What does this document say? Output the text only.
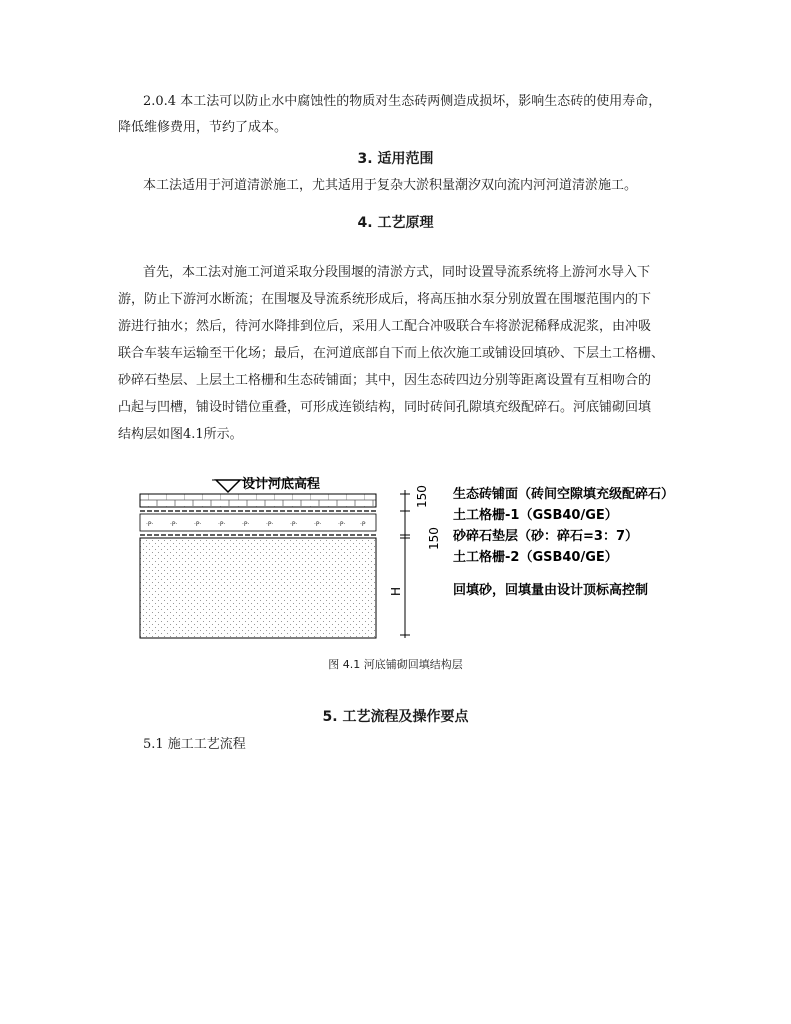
2.0.4 本工法可以防止水中腐蚀性的物质对生态砖两侧造成损坏，影响生态砖的使用寿命，
降低维修费用，节约了成本。
3. 适用范围
本工法适用于河道清淤施工，尤其适用于复杂大淤积量潮汐双向流内河河道清淤施工。
4. 工艺原理
首先，本工法对施工河道采取分段围堰的清淤方式，同时设置导流系统将上游河水导入下
游，防止下游河水断流；在围堰及导流系统形成后，将高压抽水泵分别放置在围堰范围内的下
游进行抽水；然后，待河水降排到位后，采用人工配合冲吸联合车将淤泥稀释成泥浆，由冲吸
联合车装车运输至干化场；最后，在河道底部自下而上依次施工或铺设回填砂、下层土工格栅、
砂碎石垫层、上层土工格栅和生态砖铺面；其中，因生态砖四边分别等距离设置有互相吻合的
凸起与凹槽，铺设时错位重叠，可形成连锁结构，同时砖间孔隙填充级配碎石。河底铺砌回填
结构层如图4.1所示。
设计河底高程
·P·	·P·	·P·	·P·	·P·	·P·	·P·	·P·	·P· ·P
150
150
H
生态砖铺面（砖间空隙填充级配碎石）
土工格栅-1（GSB40/GE）
砂碎石垫层（砂：碎石=3：7）
土工格栅-2（GSB40/GE）
回填砂，回填量由设计顶标高控制
图 4.1 河底铺砌回填结构层
5. 工艺流程及操作要点
5.1 施工工艺流程
